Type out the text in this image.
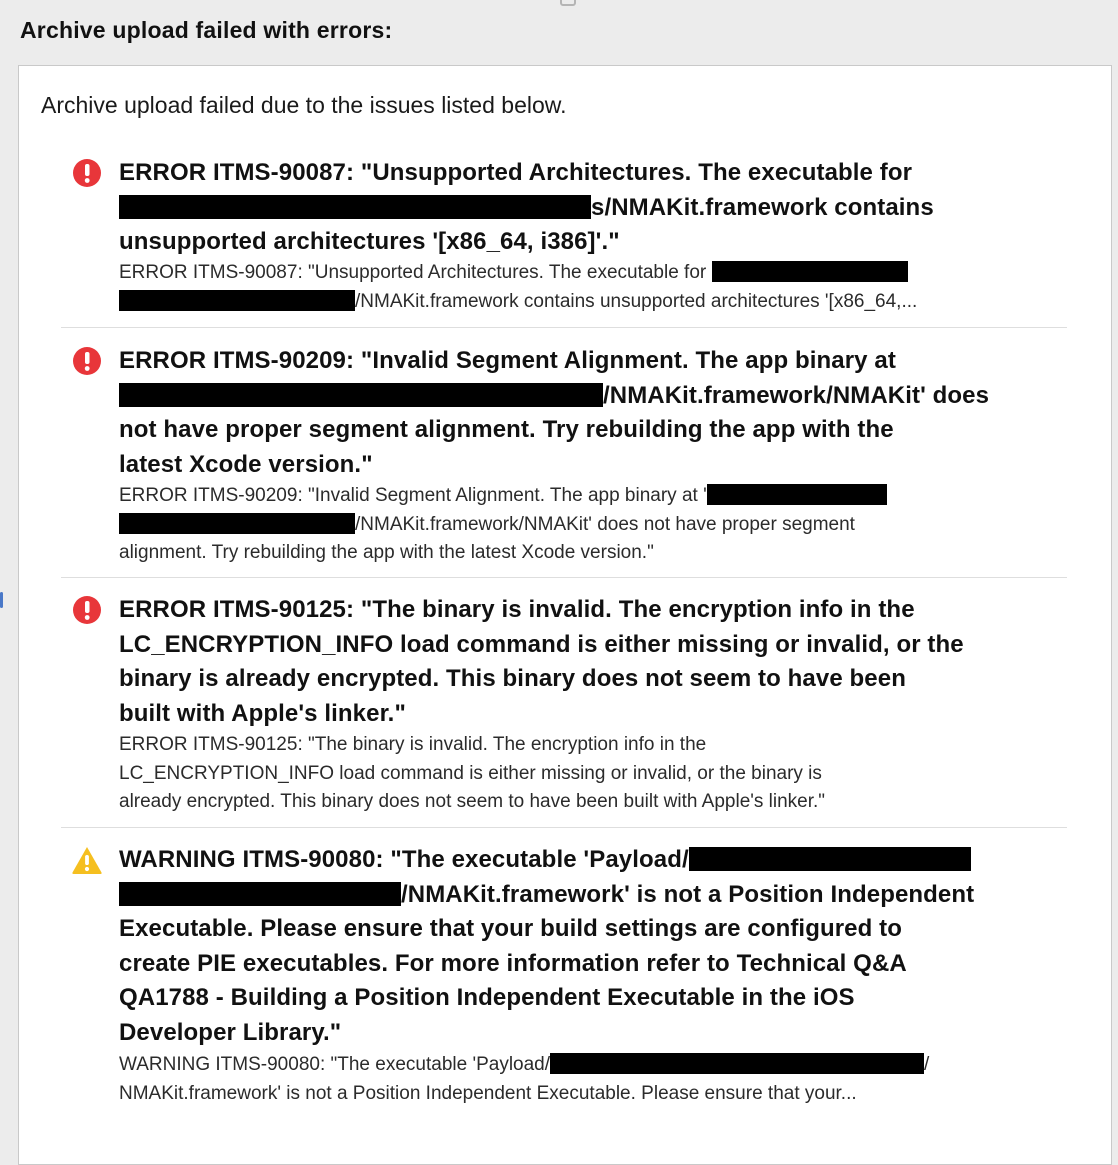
Archive upload failed with errors:
Archive upload failed due to the issues listed below.
ERROR ITMS-90087: "Unsupported Architectures. The executable for
s/NMAKit.framework contains
unsupported architectures '[x86_64, i386]'."
ERROR ITMS-90087: "Unsupported Architectures. The executable for
/NMAKit.framework contains unsupported architectures '[x86_64,...
ERROR ITMS-90209: "Invalid Segment Alignment. The app binary at
/NMAKit.framework/NMAKit' does
not have proper segment alignment. Try rebuilding the app with the
latest Xcode version."
ERROR ITMS-90209: "Invalid Segment Alignment. The app binary at '
/NMAKit.framework/NMAKit' does not have proper segment
alignment. Try rebuilding the app with the latest Xcode version."
ERROR ITMS-90125: "The binary is invalid. The encryption info in the
LC_ENCRYPTION_INFO load command is either missing or invalid, or the
binary is already encrypted. This binary does not seem to have been
built with Apple's linker."
ERROR ITMS-90125: "The binary is invalid. The encryption info in the
LC_ENCRYPTION_INFO load command is either missing or invalid, or the binary is
already encrypted. This binary does not seem to have been built with Apple's linker."
WARNING ITMS-90080: "The executable 'Payload/
/NMAKit.framework' is not a Position Independent
Executable. Please ensure that your build settings are configured to
create PIE executables. For more information refer to Technical Q&A
QA1788 - Building a Position Independent Executable in the iOS
Developer Library."
WARNING ITMS-90080: "The executable 'Payload/	/
NMAKit.framework' is not a Position Independent Executable. Please ensure that your...
